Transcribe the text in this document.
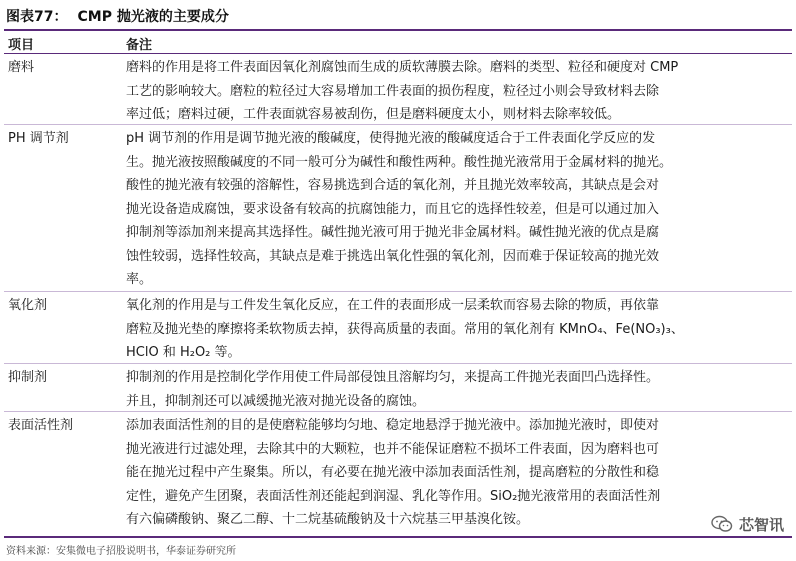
图表77： CMP 抛光液的主要成分
项目	备注
磨料	磨料的作用是将工件表面因氧化剂腐蚀而生成的质软薄膜去除。磨料的类型、粒径和硬度对 CMP
工艺的影响较大。磨粒的粒径过大容易增加工件表面的损伤程度，粒径过小则会导致材料去除
率过低；磨料过硬，工件表面就容易被刮伤，但是磨料硬度太小，则材料去除率较低。
PH 调节剂	pH 调节剂的作用是调节抛光液的酸碱度，使得抛光液的酸碱度适合于工件表面化学反应的发
生。抛光液按照酸碱度的不同一般可分为碱性和酸性两种。酸性抛光液常用于金属材料的抛光。
酸性的抛光液有较强的溶解性，容易挑选到合适的氧化剂，并且抛光效率较高，其缺点是会对
抛光设备造成腐蚀，要求设备有较高的抗腐蚀能力，而且它的选择性较差，但是可以通过加入
抑制剂等添加剂来提高其选择性。碱性抛光液可用于抛光非金属材料。碱性抛光液的优点是腐
蚀性较弱，选择性较高，其缺点是难于挑选出氧化性强的氧化剂，因而难于保证较高的抛光效
率。
氧化剂	氧化剂的作用是与工件发生氧化反应，在工件的表面形成一层柔软而容易去除的物质，再依靠
磨粒及抛光垫的摩擦将柔软物质去掉，获得高质量的表面。常用的氧化剂有 KMnO₄、Fe(NO₃)₃、
HClO 和 H₂O₂ 等。
抑制剂	抑制剂的作用是控制化学作用使工件局部侵蚀且溶解均匀，来提高工件抛光表面凹凸选择性。
并且，抑制剂还可以减缓抛光液对抛光设备的腐蚀。
表面活性剂	添加表面活性剂的目的是使磨粒能够均匀地、稳定地悬浮于抛光液中。添加抛光液时，即使对
抛光液进行过滤处理，去除其中的大颗粒，也并不能保证磨粒不损坏工件表面，因为磨料也可
能在抛光过程中产生聚集。所以，有必要在抛光液中添加表面活性剂，提高磨粒的分散性和稳
定性，避免产生团聚，表面活性剂还能起到润湿、乳化等作用。SiO₂抛光液常用的表面活性剂
有六偏磷酸钠、聚乙二醇、十二烷基硫酸钠及十六烷基三甲基溴化铵。
资料来源：安集微电子招股说明书，华泰证券研究所
芯智讯
